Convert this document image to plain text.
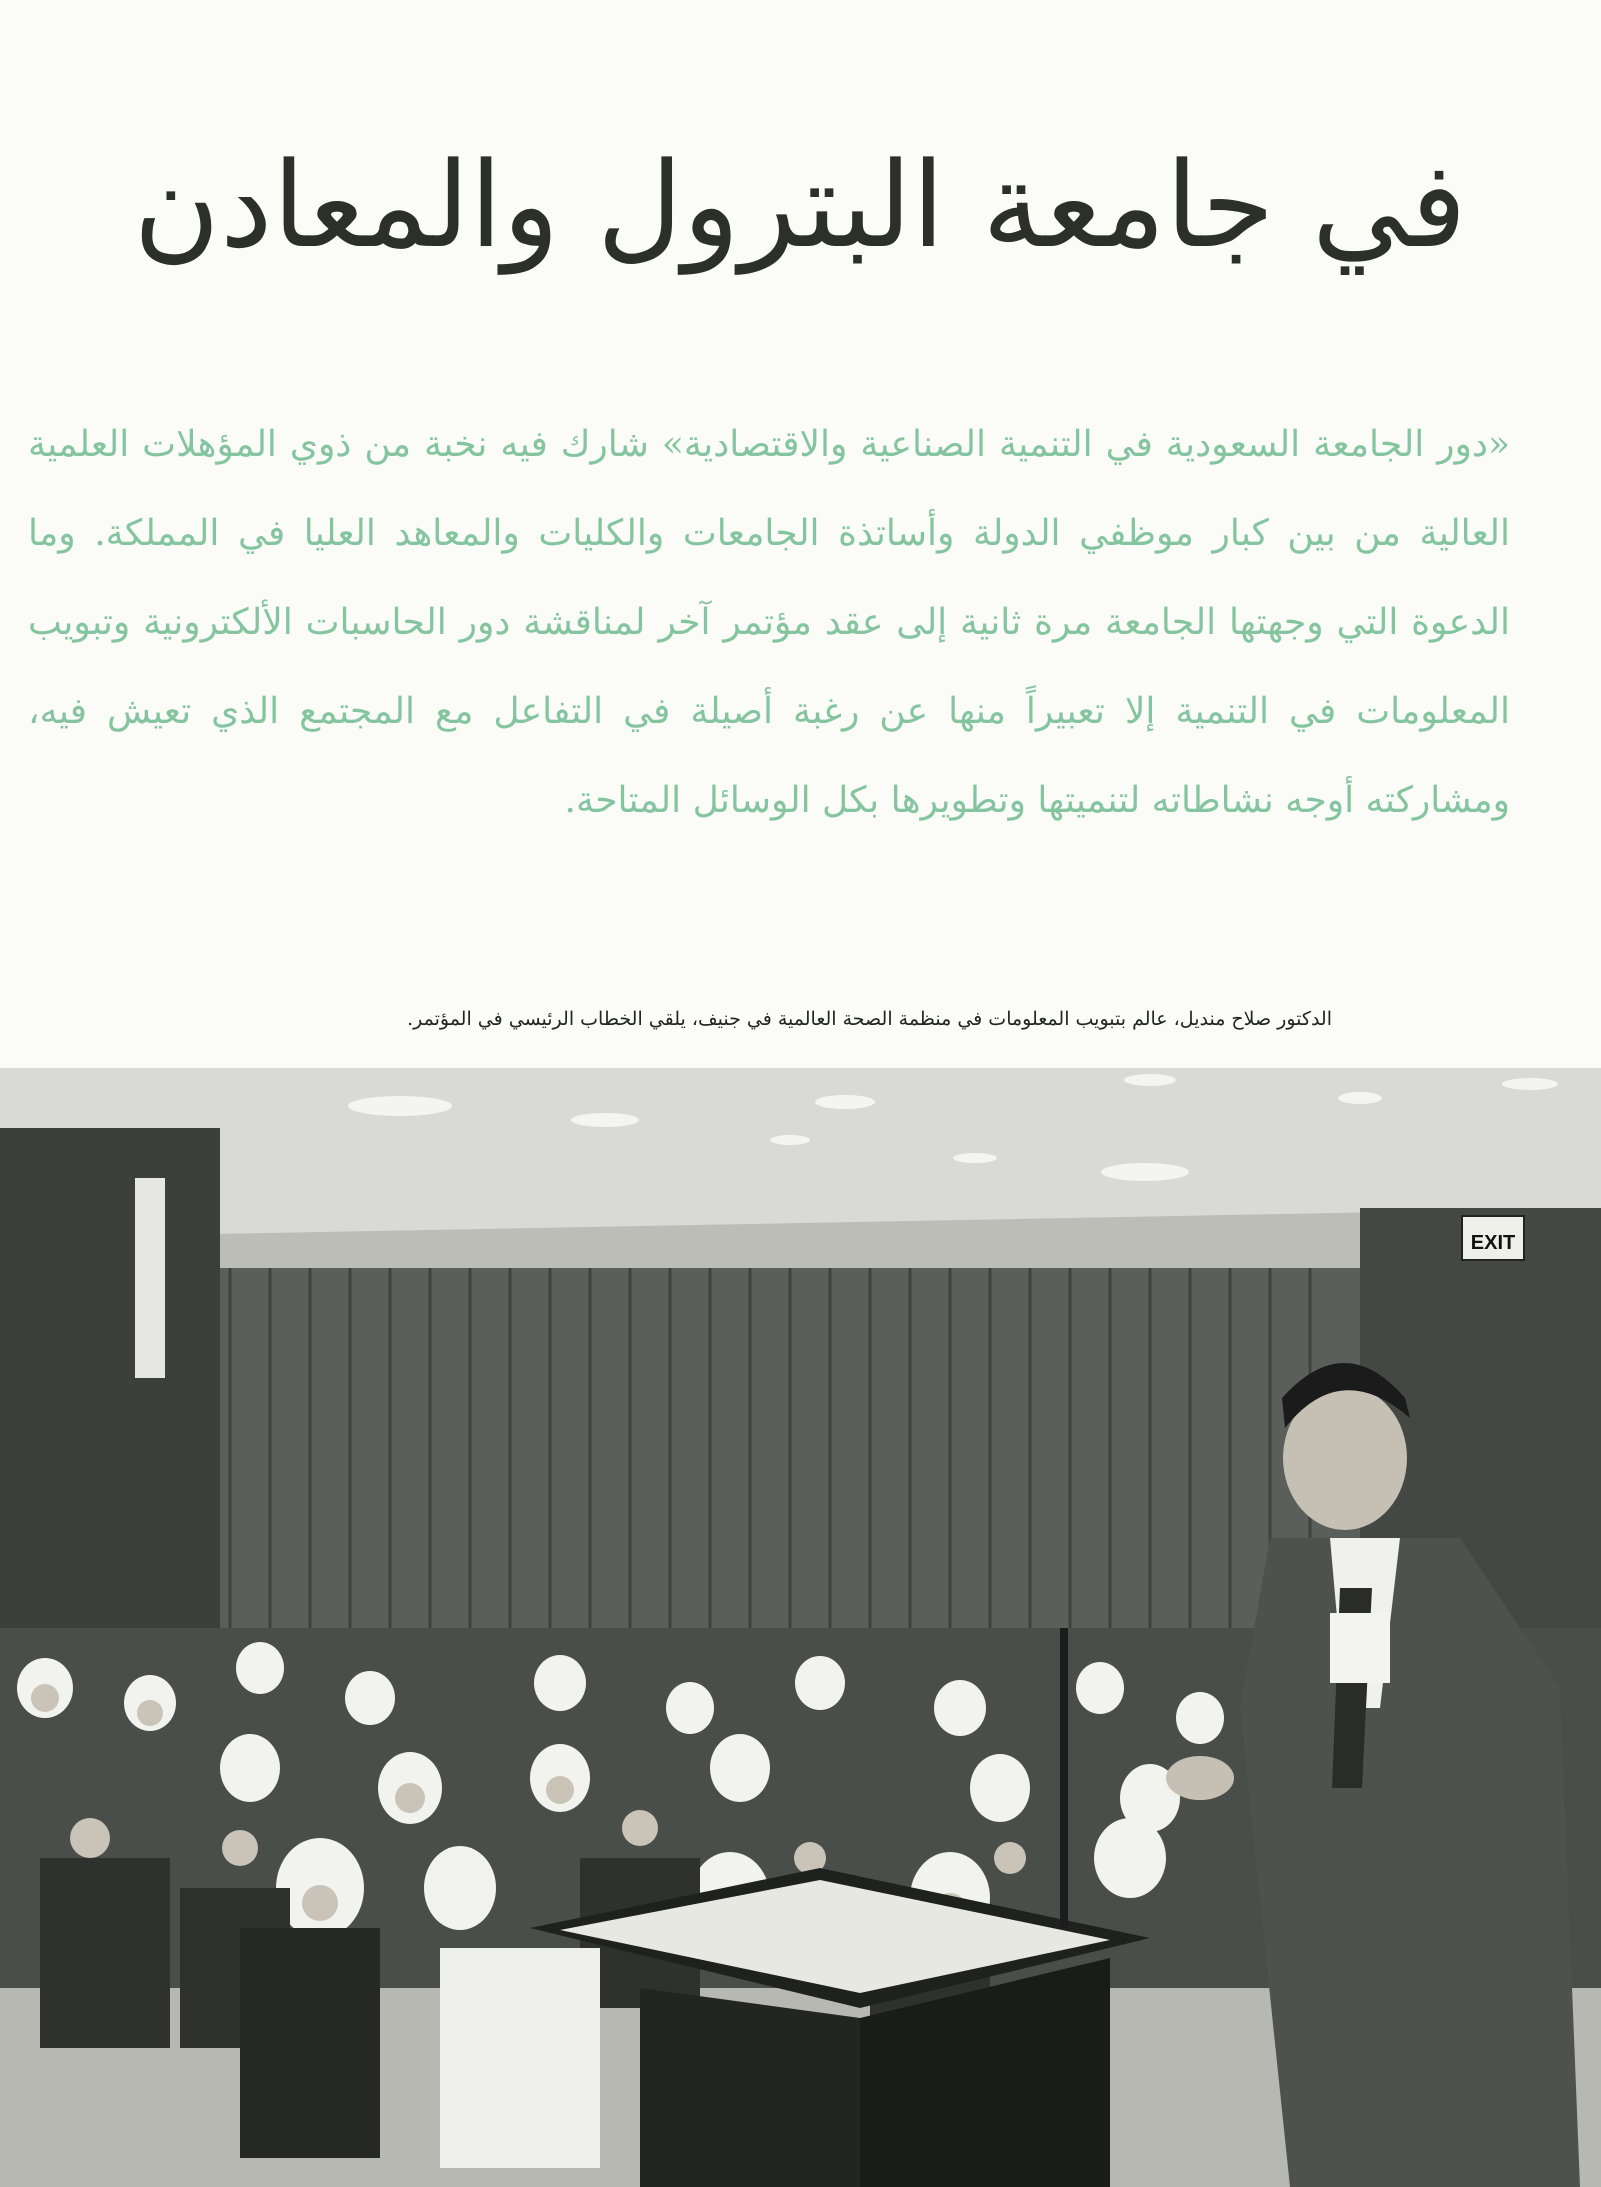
في جامعة البترول والمعادن

«دور الجامعة السعودية في التنمية الصناعية والاقتصادية» شارك فيه نخبة من ذوي المؤهلات العلمية العالية من بين كبار موظفي الدولة وأساتذة الجامعات والكليات والمعاهد العليا في المملكة. وما الدعوة التي وجهتها الجامعة مرة ثانية إلى عقد مؤتمر آخر لمناقشة دور الحاسبات الألكترونية وتبويب المعلومات في التنمية إلا تعبيراً منها عن رغبة أصيلة في التفاعل مع المجتمع الذي تعيش فيه، ومشاركته أوجه نشاطاته لتنميتها وتطويرها بكل الوسائل المتاحة.

الدكتور صلاح منديل، عالم بتبويب المعلومات في منظمة الصحة العالمية في جنيف، يلقي الخطاب الرئيسي في المؤتمر.
EXIT
